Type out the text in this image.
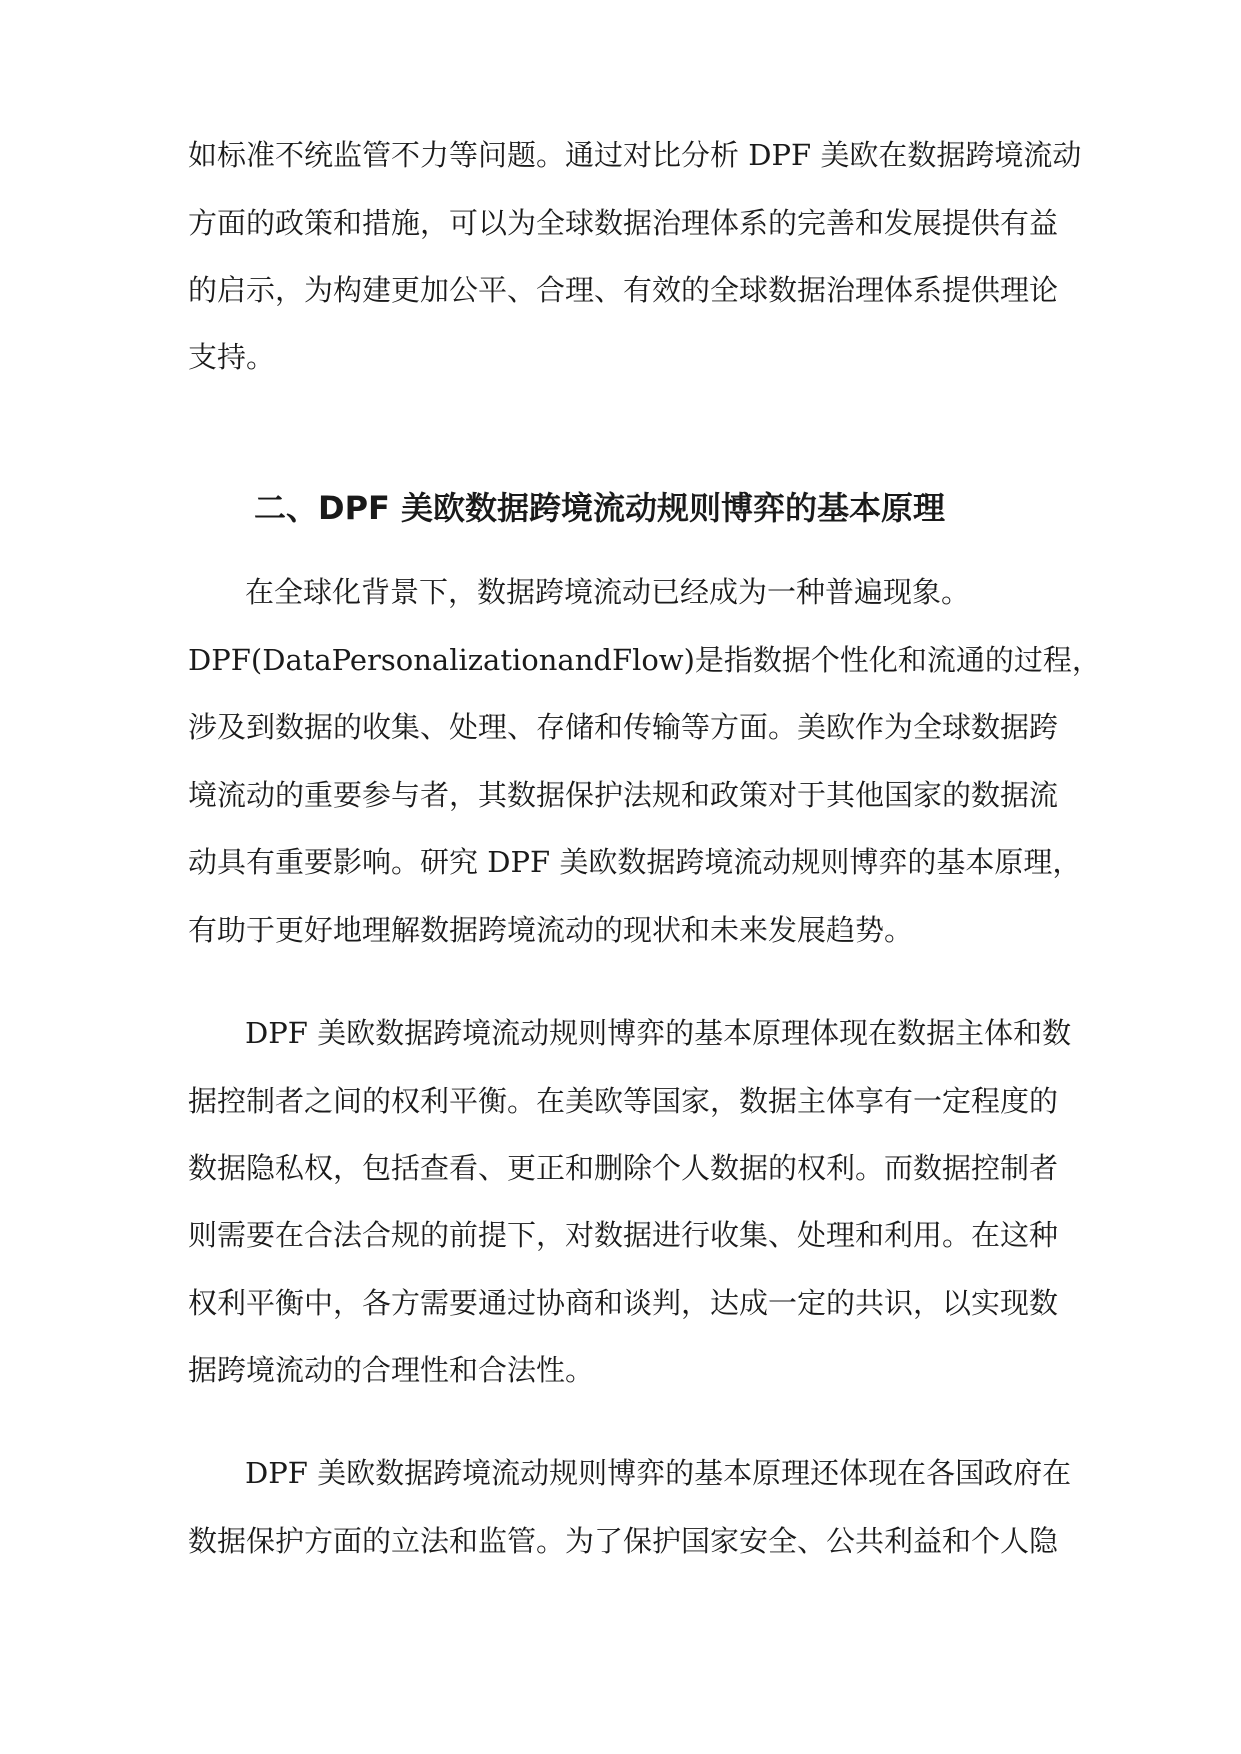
如标准不统监管不力等问题。通过对比分析 DPF 美欧在数据跨境流动
方面的政策和措施，可以为全球数据治理体系的完善和发展提供有益
的启示，为构建更加公平、合理、有效的全球数据治理体系提供理论
支持。
二、DPF 美欧数据跨境流动规则博弈的基本原理
在全球化背景下，数据跨境流动已经成为一种普遍现象。
DPF(DataPersonalizationandFlow)是指数据个性化和流通的过程，
涉及到数据的收集、处理、存储和传输等方面。美欧作为全球数据跨
境流动的重要参与者，其数据保护法规和政策对于其他国家的数据流
动具有重要影响。研究 DPF 美欧数据跨境流动规则博弈的基本原理，
有助于更好地理解数据跨境流动的现状和未来发展趋势。
DPF 美欧数据跨境流动规则博弈的基本原理体现在数据主体和数
据控制者之间的权利平衡。在美欧等国家，数据主体享有一定程度的
数据隐私权，包括查看、更正和删除个人数据的权利。而数据控制者
则需要在合法合规的前提下，对数据进行收集、处理和利用。在这种
权利平衡中，各方需要通过协商和谈判，达成一定的共识，以实现数
据跨境流动的合理性和合法性。
DPF 美欧数据跨境流动规则博弈的基本原理还体现在各国政府在
数据保护方面的立法和监管。为了保护国家安全、公共利益和个人隐
